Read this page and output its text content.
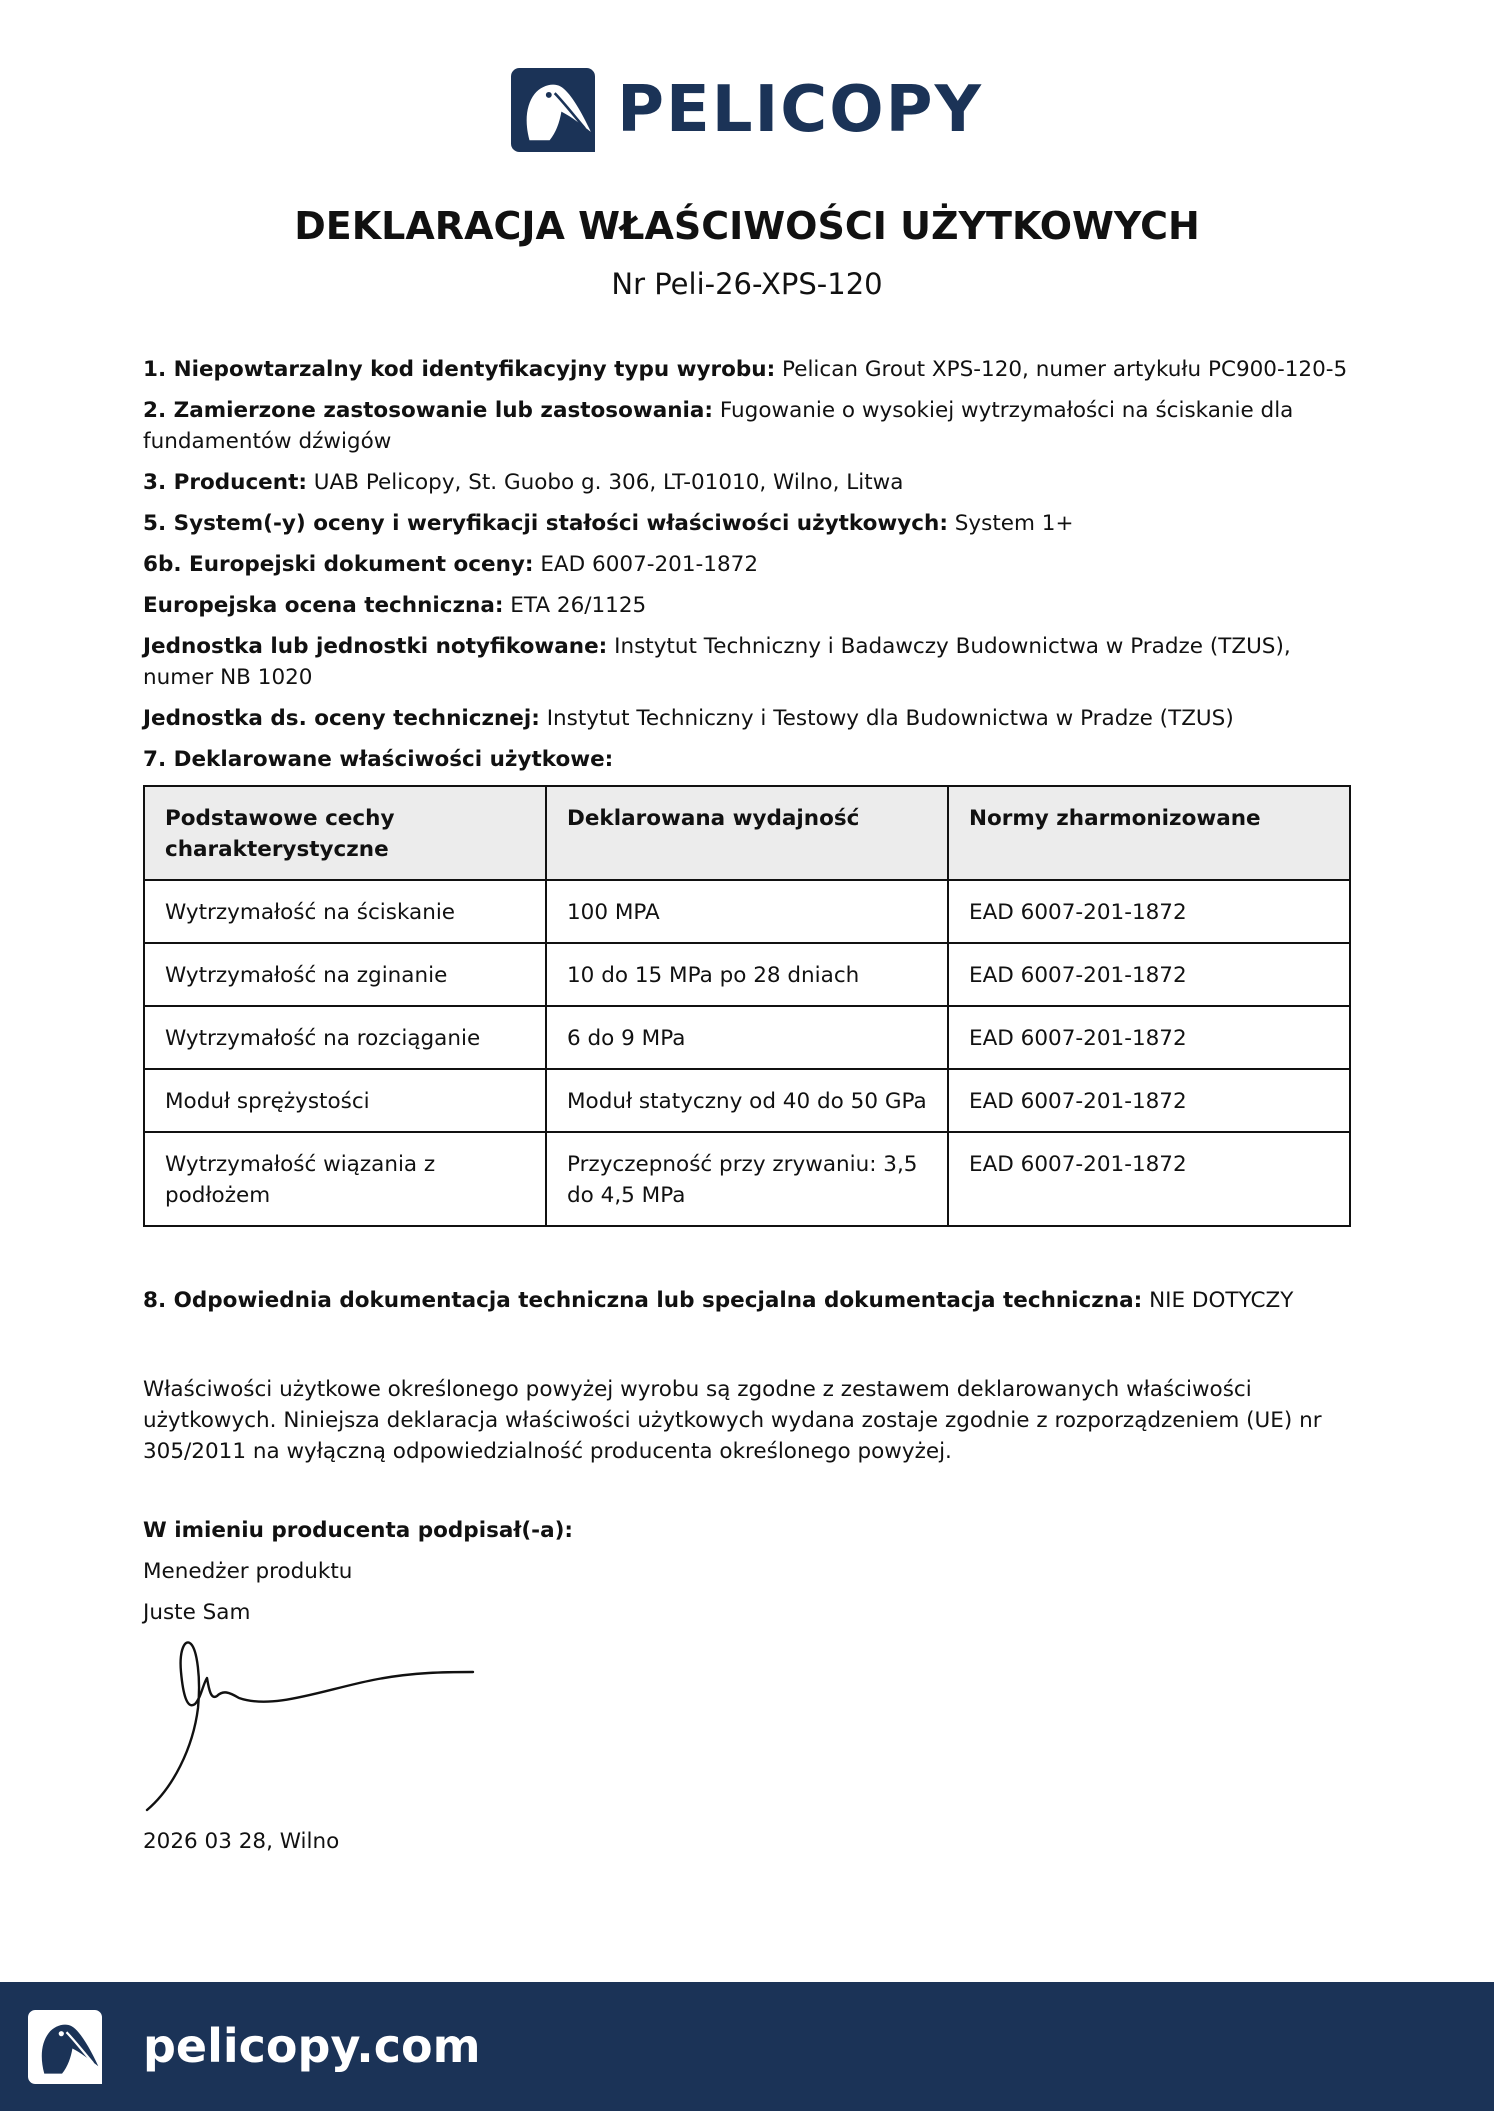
PELICOPY
DEKLARACJA WŁAŚCIWOŚCI UŻYTKOWYCH
Nr Peli-26-XPS-120

1. Niepowtarzalny kod identyfikacyjny typu wyrobu: Pelican Grout XPS-120, numer artykułu PC900-120-5

2. Zamierzone zastosowanie lub zastosowania: Fugowanie o wysokiej wytrzymałości na ściskanie dla fundamentów dźwigów

3. Producent: UAB Pelicopy, St. Guobo g. 306, LT-01010, Wilno, Litwa

5. System(-y) oceny i weryfikacji stałości właściwości użytkowych: System 1+

6b. Europejski dokument oceny: EAD 6007-201-1872

Europejska ocena techniczna: ETA 26/1125

Jednostka lub jednostki notyfikowane: Instytut Techniczny i Badawczy Budownictwa w Pradze (TZUS), numer NB 1020

Jednostka ds. oceny technicznej: Instytut Techniczny i Testowy dla Budownictwa w Pradze (TZUS)

7. Deklarowane właściwości użytkowe:

Podstawowe cechy charakterystyczne	Deklarowana wydajność	Normy zharmonizowane
Wytrzymałość na ściskanie	100 MPA	EAD 6007-201-1872
Wytrzymałość na zginanie	10 do 15 MPa po 28 dniach	EAD 6007-201-1872
Wytrzymałość na rozciąganie	6 do 9 MPa	EAD 6007-201-1872
Moduł sprężystości	Moduł statyczny od 40 do 50 GPa	EAD 6007-201-1872
Wytrzymałość wiązania z podłożem	Przyczepność przy zrywaniu: 3,5 do 4,5 MPa	EAD 6007-201-1872

8. Odpowiednia dokumentacja techniczna lub specjalna dokumentacja techniczna: NIE DOTYCZY

Właściwości użytkowe określonego powyżej wyrobu są zgodne z zestawem deklarowanych właściwości użytkowych. Niniejsza deklaracja właściwości użytkowych wydana zostaje zgodnie z rozporządzeniem (UE) nr 305/2011 na wyłączną odpowiedzialność producenta określonego powyżej.

W imieniu producenta podpisał(-a):

Menedżer produktu

Juste Sam

2026 03 28, Wilno

pelicopy.com
